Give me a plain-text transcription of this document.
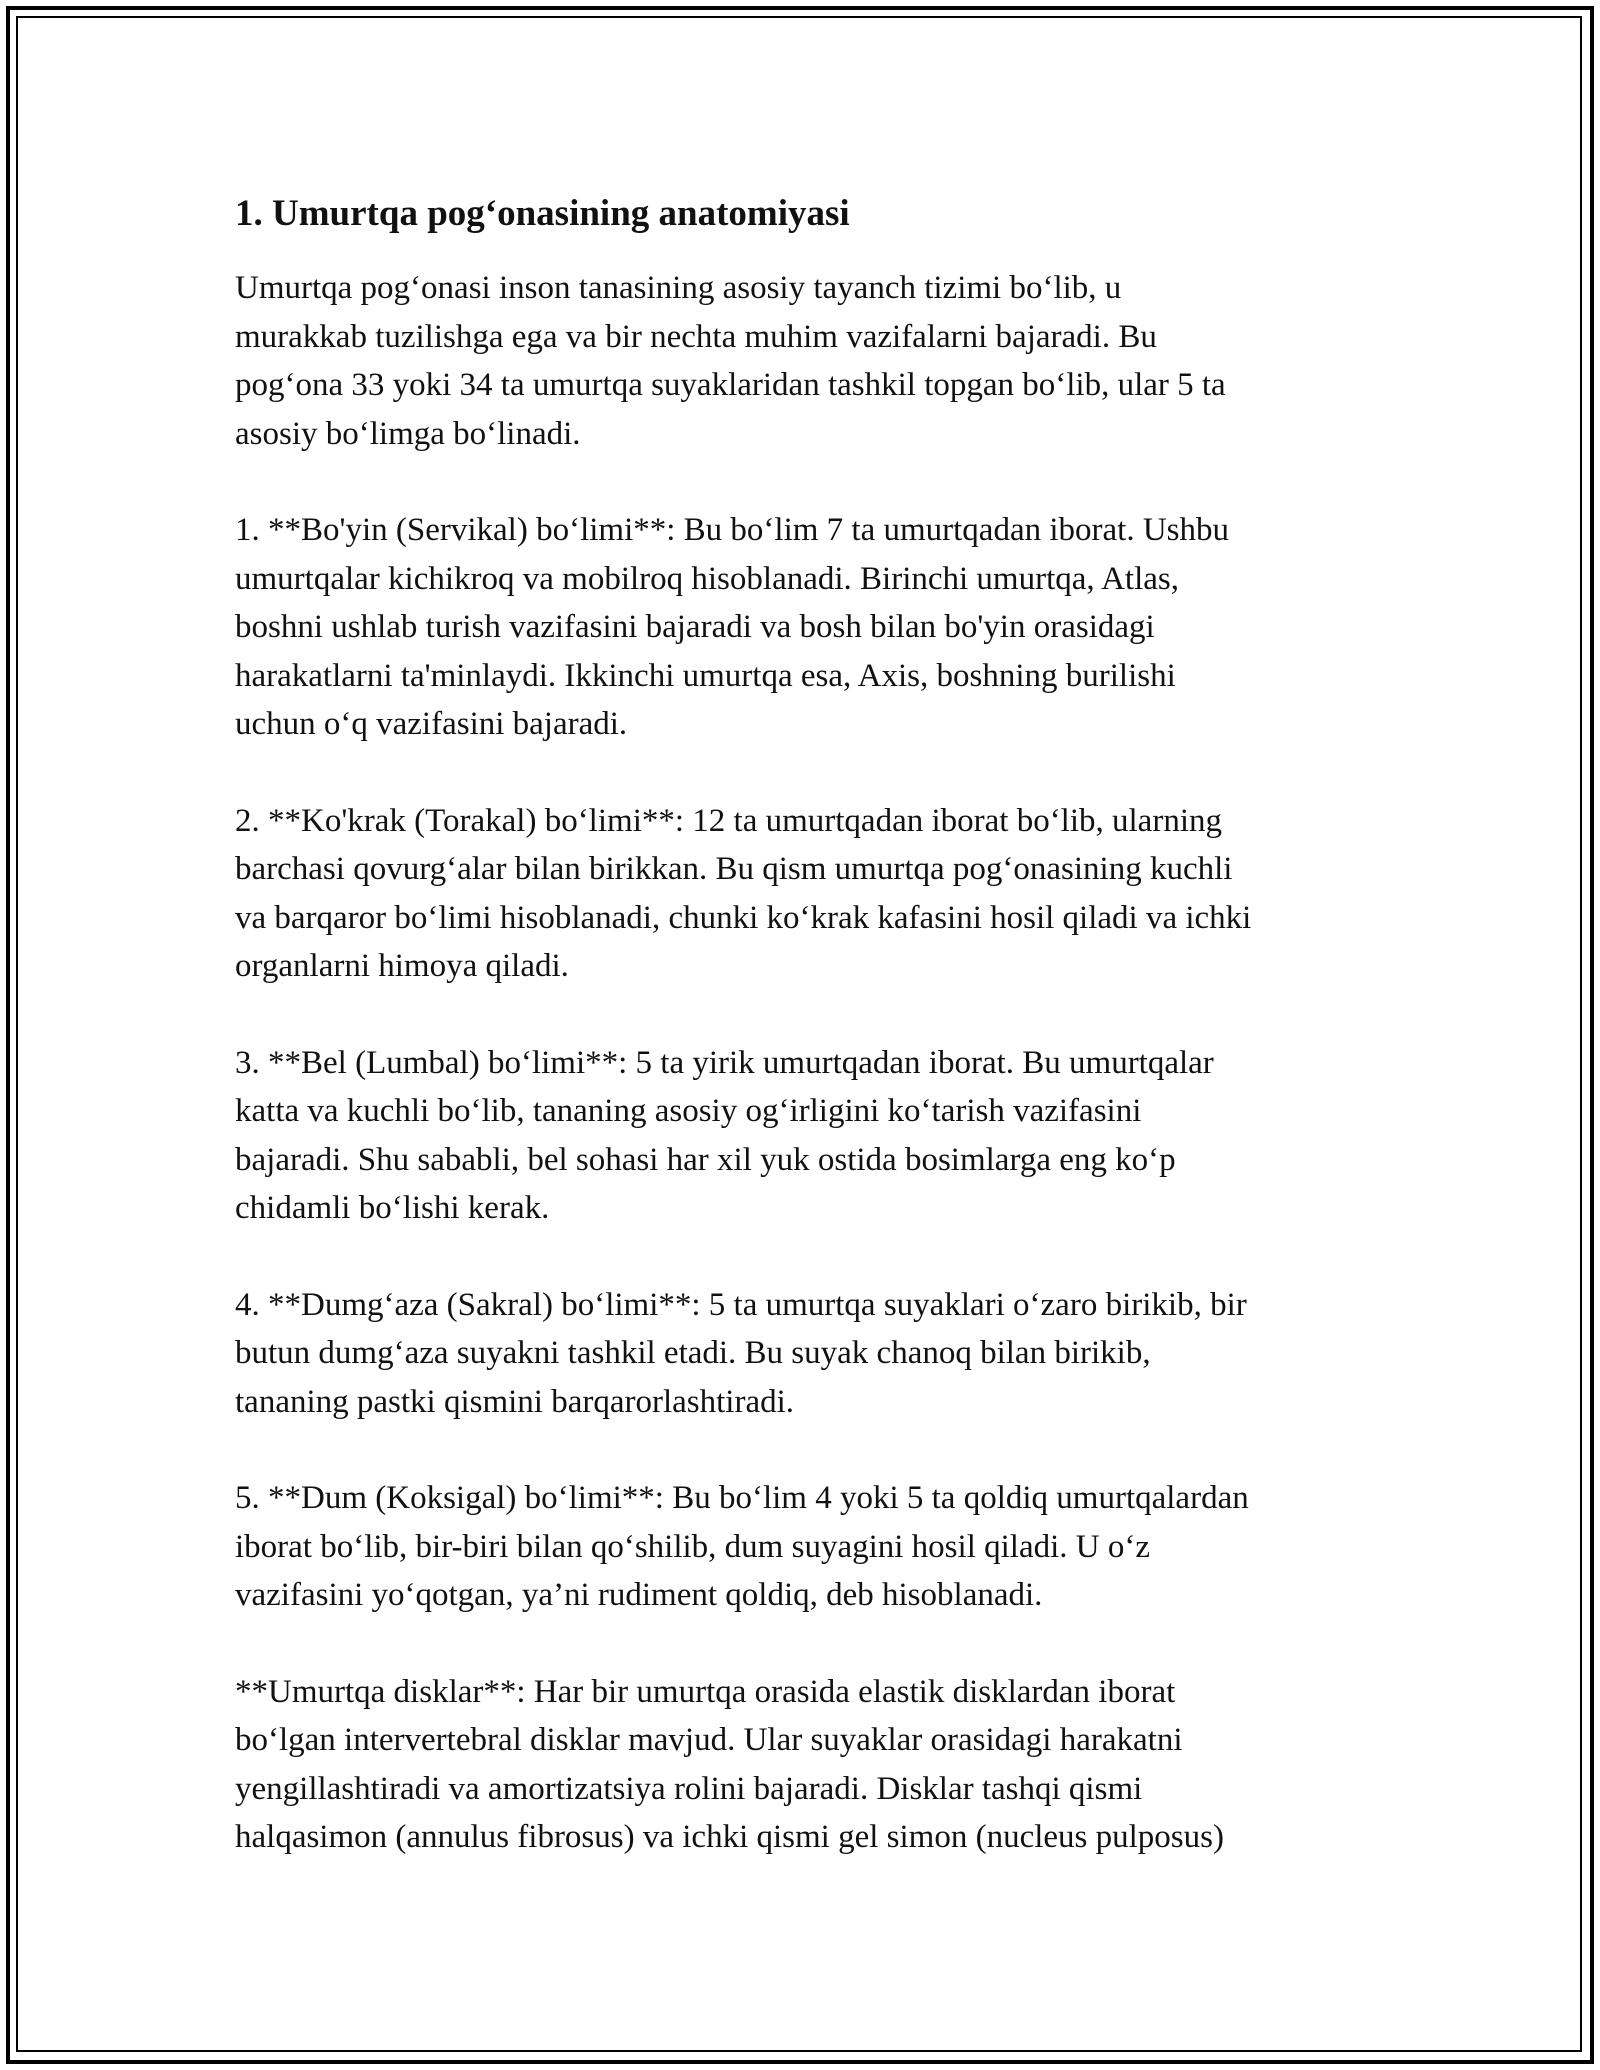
1. Umurtqa pog‘onasining anatomiyasi

Umurtqa pog‘onasi inson tanasining asosiy tayanch tizimi bo‘lib, u
murakkab tuzilishga ega va bir nechta muhim vazifalarni bajaradi. Bu
pog‘ona 33 yoki 34 ta umurtqa suyaklaridan tashkil topgan bo‘lib, ular 5 ta
asosiy bo‘limga bo‘linadi.

1. **Bo'yin (Servikal) bo‘limi**: Bu bo‘lim 7 ta umurtqadan iborat. Ushbu
umurtqalar kichikroq va mobilroq hisoblanadi. Birinchi umurtqa, Atlas,
boshni ushlab turish vazifasini bajaradi va bosh bilan bo'yin orasidagi
harakatlarni ta'minlaydi. Ikkinchi umurtqa esa, Axis, boshning burilishi
uchun o‘q vazifasini bajaradi.

2. **Ko'krak (Torakal) bo‘limi**: 12 ta umurtqadan iborat bo‘lib, ularning
barchasi qovurg‘alar bilan birikkan. Bu qism umurtqa pog‘onasining kuchli
va barqaror bo‘limi hisoblanadi, chunki ko‘krak kafasini hosil qiladi va ichki
organlarni himoya qiladi.

3. **Bel (Lumbal) bo‘limi**: 5 ta yirik umurtqadan iborat. Bu umurtqalar
katta va kuchli bo‘lib, tananing asosiy og‘irligini ko‘tarish vazifasini
bajaradi. Shu sababli, bel sohasi har xil yuk ostida bosimlarga eng ko‘p
chidamli bo‘lishi kerak.

4. **Dumg‘aza (Sakral) bo‘limi**: 5 ta umurtqa suyaklari o‘zaro birikib, bir
butun dumg‘aza suyakni tashkil etadi. Bu suyak chanoq bilan birikib,
tananing pastki qismini barqarorlashtiradi.

5. **Dum (Koksigal) bo‘limi**: Bu bo‘lim 4 yoki 5 ta qoldiq umurtqalardan
iborat bo‘lib, bir-biri bilan qo‘shilib, dum suyagini hosil qiladi. U o‘z
vazifasini yo‘qotgan, ya’ni rudiment qoldiq, deb hisoblanadi.

**Umurtqa disklar**: Har bir umurtqa orasida elastik disklardan iborat
bo‘lgan intervertebral disklar mavjud. Ular suyaklar orasidagi harakatni
yengillashtiradi va amortizatsiya rolini bajaradi. Disklar tashqi qismi
halqasimon (annulus fibrosus) va ichki qismi gel simon (nucleus pulposus)
